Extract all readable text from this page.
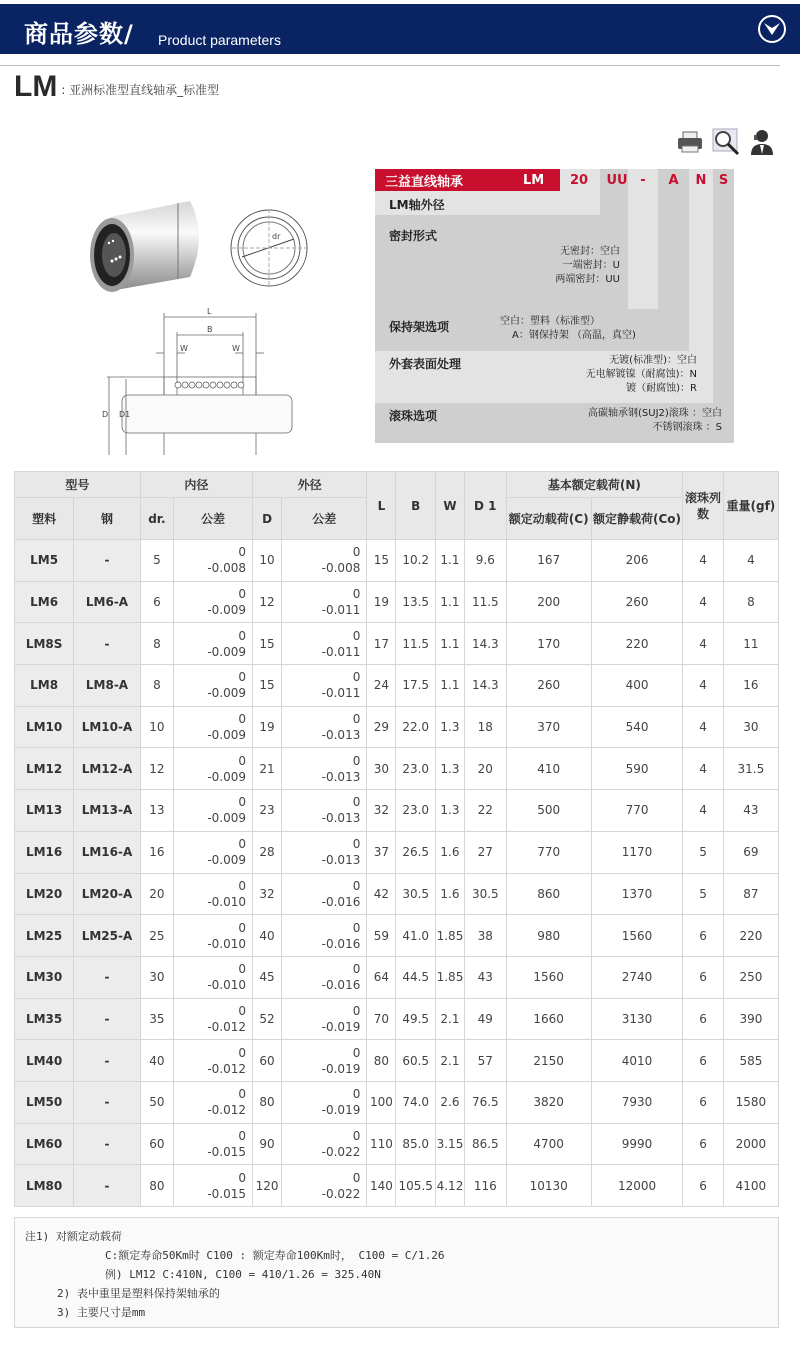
商品参数/ Product parameters
LM : 亚洲标准型直线轴承_标准型
dr
L
B
W	W
D D1
三益直线轴承	LM	20	UU -	A	N S
LM轴外径
密封形式
无密封：空白
一端密封：U
两端密封：UU
保持架选项	空白：塑料（标准型）
A：钢保持架 （高温，真空)
外套表面处理	无镀(标准型)：空白
无电解镀镍（耐腐蚀)：N
镀（耐腐蚀)：R
滚珠选项	高碳轴承钢(SUJ2)滚珠 ：空白
不锈钢滚珠 ：S
型号		内径		外径		L	B	W	D 1	基本额定载荷(N)		滚珠列数	重量(gf)
塑料	钢	dr.	公差	D	公差					额定动载荷(C)	额定静载荷(Co)		
LM5	-	5	0
-0.008	10	0
-0.008	15	10.2	1.1	9.6	167	206	4	4
LM6	LM6-A	6	0
-0.009	12	0
-0.011	19	13.5	1.1	11.5	200	260	4	8
LM8S	-	8	0
-0.009	15	0
-0.011	17	11.5	1.1	14.3	170	220	4	11
LM8	LM8-A	8	0
-0.009	15	0
-0.011	24	17.5	1.1	14.3	260	400	4	16
LM10	LM10-A	10	0
-0.009	19	0
-0.013	29	22.0	1.3	18	370	540	4	30
LM12	LM12-A	12	0
-0.009	21	0
-0.013	30	23.0	1.3	20	410	590	4	31.5
LM13	LM13-A	13	0
-0.009	23	0
-0.013	32	23.0	1.3	22	500	770	4	43
LM16	LM16-A	16	0
-0.009	28	0
-0.013	37	26.5	1.6	27	770	1170	5	69
LM20	LM20-A	20	0
-0.010	32	0
-0.016	42	30.5	1.6	30.5	860	1370	5	87
LM25	LM25-A	25	0
-0.010	40	0
-0.016	59	41.0	1.85	38	980	1560	6	220
LM30	-	30	0
-0.010	45	0
-0.016	64	44.5	1.85	43	1560	2740	6	250
LM35	-	35	0
-0.012	52	0
-0.019	70	49.5	2.1	49	1660	3130	6	390
LM40	-	40	0
-0.012	60	0
-0.019	80	60.5	2.1	57	2150	4010	6	585
LM50	-	50	0
-0.012	80	0
-0.019	100	74.0	2.6	76.5	3820	7930	6	1580
LM60	-	60	0
-0.015	90	0
-0.022	110	85.0	3.15	86.5	4700	9990	6	2000
LM80	-	80	0
-0.015	120	0
-0.022	140	105.5	4.12	116	10130	12000	6	4100
注1) 对额定动载荷
C:额定寿命50Km时 C100 : 额定寿命100Km时， C100 = C/1.26
例) LM12 C:410N, C100 = 410/1.26 = 325.40N
2) 表中重里是塑料保持架轴承的
3) 主要尺寸是mm
